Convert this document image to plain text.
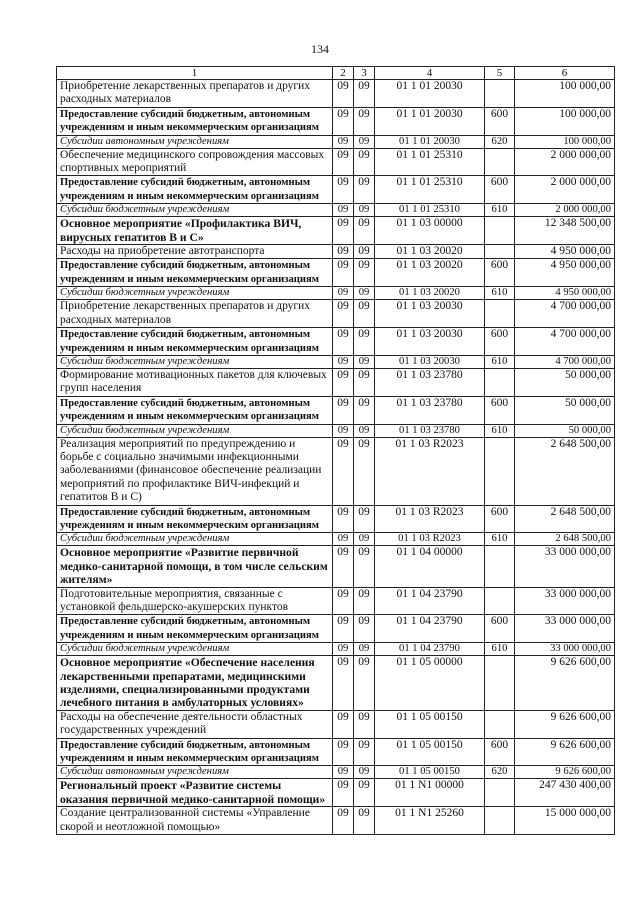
134
1	2	3	4	5	6
Приобретение лекарственных препаратов и других расходных материалов	09	09	01 1 01 20030		100 000,00
Предоставление субсидий бюджетным, автономным учреждениям и иным некоммерческим организациям	09	09	01 1 01 20030	600	100 000,00
Субсидии автономным учреждениям	09	09	01 1 01 20030	620	100 000,00
Обеспечение медицинского сопровождения массовых спортивных мероприятий	09	09	01 1 01 25310		2 000 000,00
Предоставление субсидий бюджетным, автономным учреждениям и иным некоммерческим организациям	09	09	01 1 01 25310	600	2 000 000,00
Субсидии бюджетным учреждениям	09	09	01 1 01 25310	610	2 000 000,00
Основное мероприятие «Профилактика ВИЧ, вирусных гепатитов В и С»	09	09	01 1 03 00000		12 348 500,00
Расходы на приобретение автотранспорта	09	09	01 1 03 20020		4 950 000,00
Предоставление субсидий бюджетным, автономным учреждениям и иным некоммерческим организациям	09	09	01 1 03 20020	600	4 950 000,00
Субсидии бюджетным учреждениям	09	09	01 1 03 20020	610	4 950 000,00
Приобретение лекарственных препаратов и других расходных материалов	09	09	01 1 03 20030		4 700 000,00
Предоставление субсидий бюджетным, автономным учреждениям и иным некоммерческим организациям	09	09	01 1 03 20030	600	4 700 000,00
Субсидии бюджетным учреждениям	09	09	01 1 03 20030	610	4 700 000,00
Формирование мотивационных пакетов для ключевых групп населения	09	09	01 1 03 23780		50 000,00
Предоставление субсидий бюджетным, автономным учреждениям и иным некоммерческим организациям	09	09	01 1 03 23780	600	50 000,00
Субсидии бюджетным учреждениям	09	09	01 1 03 23780	610	50 000,00
Реализация мероприятий по предупреждению и борьбе с социально значимыми инфекционными заболеваниями (финансовое обеспечение реализации мероприятий по профилактике ВИЧ-инфекций и гепатитов В и С)	09	09	01 1 03 R2023		2 648 500,00
Предоставление субсидий бюджетным, автономным учреждениям и иным некоммерческим организациям	09	09	01 1 03 R2023	600	2 648 500,00
Субсидии бюджетным учреждениям	09	09	01 1 03 R2023	610	2 648 500,00
Основное мероприятие «Развитие первичной медико-санитарной помощи, в том числе сельским жителям»	09	09	01 1 04 00000		33 000 000,00
Подготовительные мероприятия, связанные с установкой фельдшерско-акушерских пунктов	09	09	01 1 04 23790		33 000 000,00
Предоставление субсидий бюджетным, автономным учреждениям и иным некоммерческим организациям	09	09	01 1 04 23790	600	33 000 000,00
Субсидии бюджетным учреждениям	09	09	01 1 04 23790	610	33 000 000,00
Основное мероприятие «Обеспечение населения лекарственными препаратами, медицинскими изделиями, специализированными продуктами лечебного питания в амбулаторных условиях»	09	09	01 1 05 00000		9 626 600,00
Расходы на обеспечение деятельности областных государственных учреждений	09	09	01 1 05 00150		9 626 600,00
Предоставление субсидий бюджетным, автономным учреждениям и иным некоммерческим организациям	09	09	01 1 05 00150	600	9 626 600,00
Субсидии автономным учреждениям	09	09	01 1 05 00150	620	9 626 600,00
Региональный проект «Развитие системы оказания первичной медико-санитарной помощи»	09	09	01 1 N1 00000		247 430 400,00
Создание централизованной системы «Управление скорой и неотложной помощью»	09	09	01 1 N1 25260		15 000 000,00
